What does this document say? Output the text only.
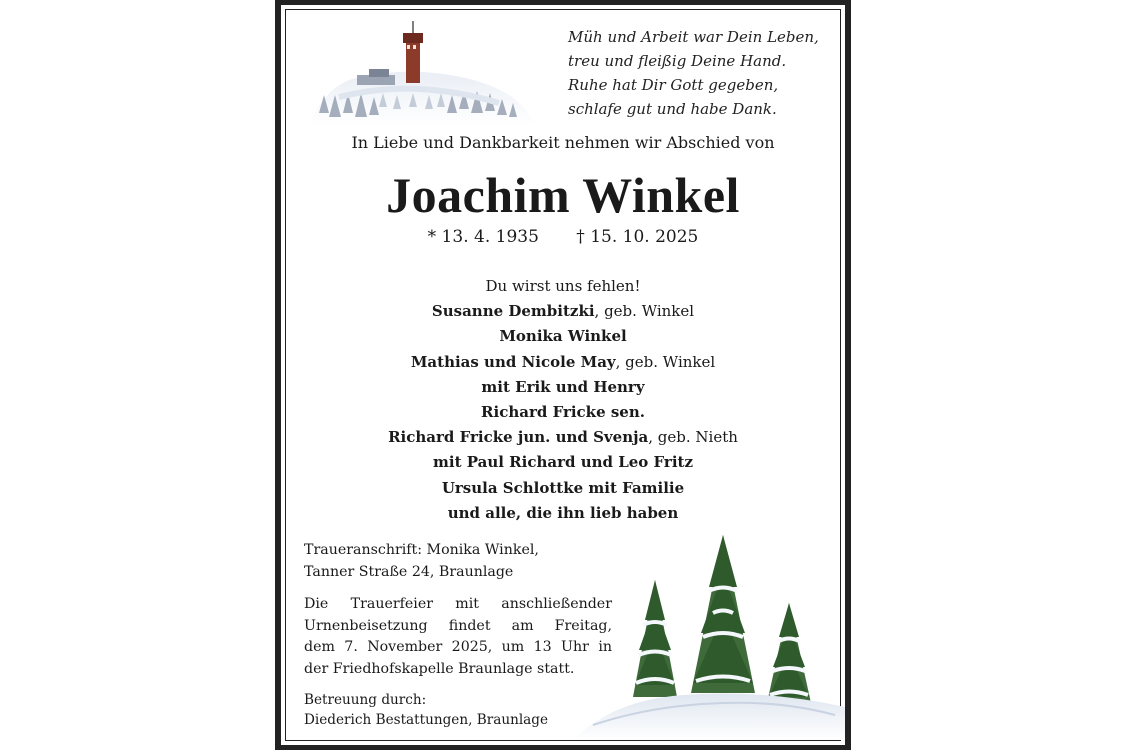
Müh und Arbeit war Dein Leben,
treu und fleißig Deine Hand.
Ruhe hat Dir Gott gegeben,
schlafe gut und habe Dank.
In Liebe und Dankbarkeit nehmen wir Abschied von
Joachim Winkel
* 13. 4. 1935 † 15. 10. 2025
Du wirst uns fehlen!
Susanne Dembitzki, geb. Winkel
Monika Winkel
Mathias und Nicole May, geb. Winkel
mit Erik und Henry
Richard Fricke sen.
Richard Fricke jun. und Svenja, geb. Nieth
mit Paul Richard und Leo Fritz
Ursula Schlottke mit Familie
und alle, die ihn lieb haben
Traueranschrift: Monika Winkel,
Tanner Straße 24, Braunlage
Die Trauerfeier mit anschließender
Urnenbeisetzung findet am Freitag,
dem 7. November 2025, um 13 Uhr in
der Friedhofskapelle Braunlage statt.
Betreuung durch:
Diederich Bestattungen, Braunlage
